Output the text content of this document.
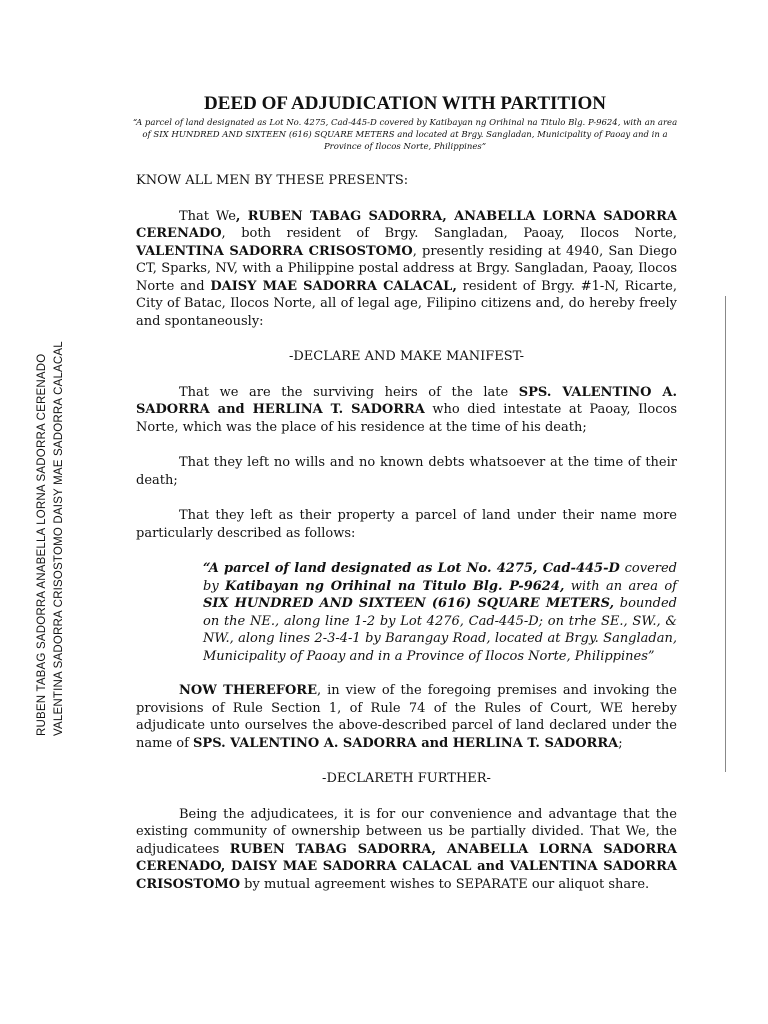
DEED OF ADJUDICATION WITH PARTITION
“A parcel of land designated as Lot No. 4275, Cad-445-D covered by Katibayan ng Orihinal na Titulo Blg. P-9624, with an area of SIX HUNDRED AND SIXTEEN (616) SQUARE METERS and located at Brgy. Sangladan, Municipality of Paoay and in a Province of Ilocos Norte, Philippines”
RUBEN TABAG SADORRA ANABELLA LORNA SADORRA CERENADO VALENTINA SADORRA CRISOSTOMO DAISY MAE SADORRA CALACAL

KNOW ALL MEN BY THESE PRESENTS:

That We, RUBEN TABAG SADORRA, ANABELLA LORNA SADORRA CERENADO, both resident of Brgy. Sangladan, Paoay, Ilocos Norte, VALENTINA SADORRA CRISOSTOMO, presently residing at 4940, San Diego CT, Sparks, NV, with a Philippine postal address at Brgy. Sangladan, Paoay, Ilocos Norte and DAISY MAE SADORRA CALACAL, resident of Brgy. #1-N, Ricarte, City of Batac, Ilocos Norte, all of legal age, Filipino citizens and, do hereby freely and spontaneously:

-DECLARE AND MAKE MANIFEST-

That we are the surviving heirs of the late SPS. VALENTINO A. SADORRA and HERLINA T. SADORRA who died intestate at Paoay, Ilocos Norte, which was the place of his residence at the time of his death;

That they left no wills and no known debts whatsoever at the time of their death;

That they left as their property a parcel of land under their name more particularly described as follows:

“A parcel of land designated as Lot No. 4275, Cad-445-D covered by Katibayan ng Orihinal na Titulo Blg. P-9624, with an area of SIX HUNDRED AND SIXTEEN (616) SQUARE METERS, bounded on the NE., along line 1-2 by Lot 4276, Cad-445-D; on trhe SE., SW., & NW., along lines 2-3-4-1 by Barangay Road, located at Brgy. Sangladan, Municipality of Paoay and in a Province of Ilocos Norte, Philippines”

NOW THEREFORE, in view of the foregoing premises and invoking the provisions of Rule Section 1, of Rule 74 of the Rules of Court, WE hereby adjudicate unto ourselves the above-described parcel of land declared under the name of SPS. VALENTINO A. SADORRA and HERLINA T. SADORRA;

-DECLARETH FURTHER-

Being the adjudicatees, it is for our convenience and advantage that the existing community of ownership between us be partially divided. That We, the adjudicatees RUBEN TABAG SADORRA, ANABELLA LORNA SADORRA CERENADO, DAISY MAE SADORRA CALACAL and VALENTINA SADORRA CRISOSTOMO by mutual agreement wishes to SEPARATE our aliquot share.
